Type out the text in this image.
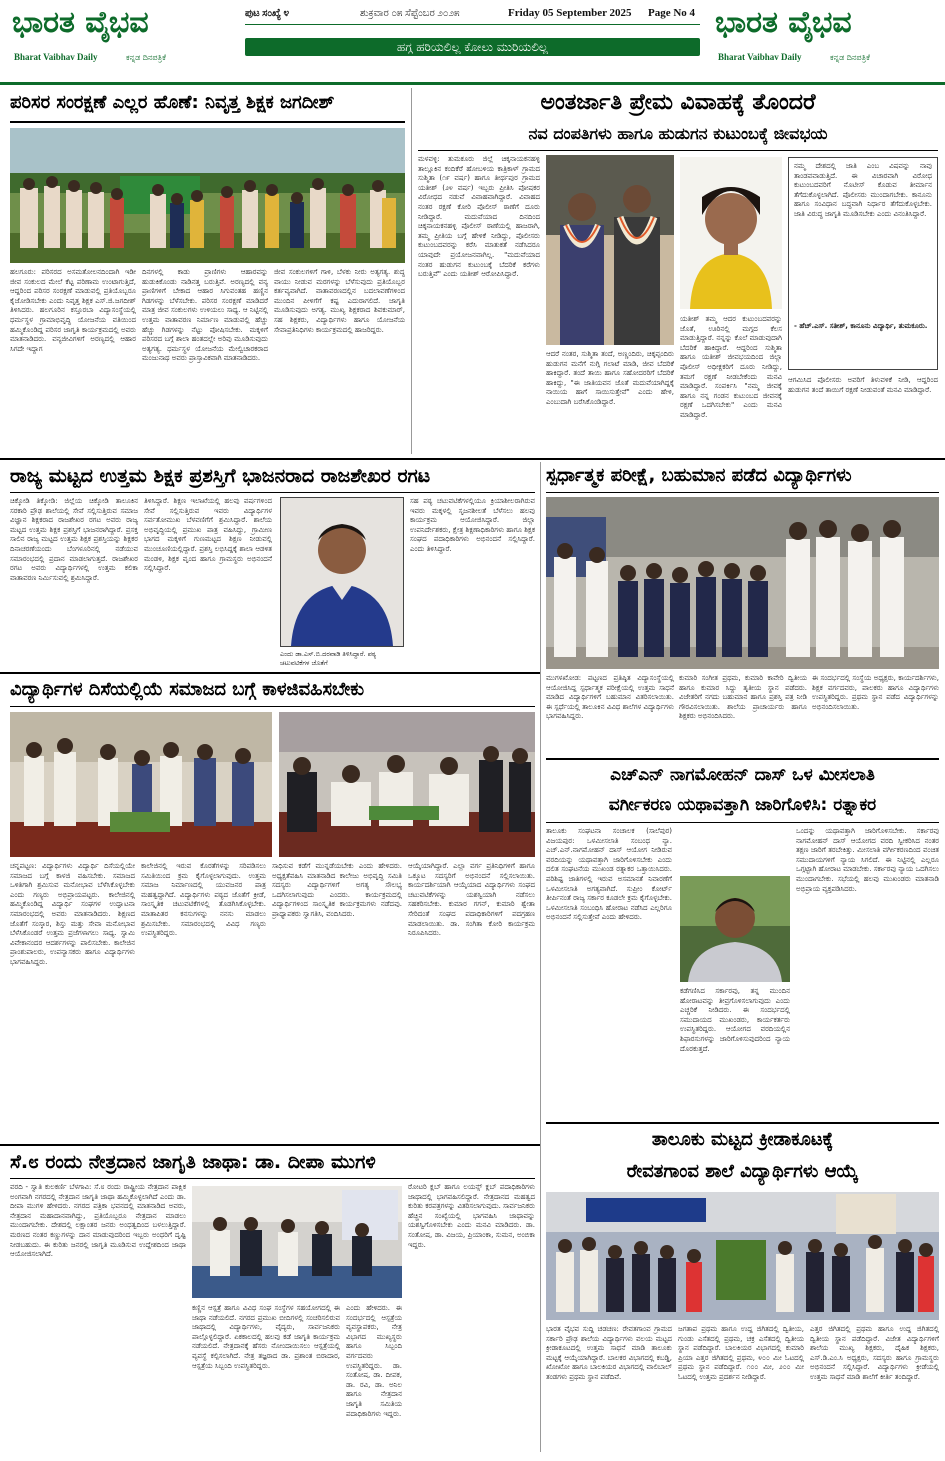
ಭಾರತ ವೈಭವ
Bharat Vaibhav Daily	ಕನ್ನಡ ದಿನಪತ್ರಿಕೆ
ಪುಟ ಸಂಖ್ಯೆ ೪	ಶುಕ್ರವಾರ ೦೫ ಸೆಪ್ಟೆಂಬರ ೨೦೨೫	Friday 05 September 2025 Page No 4
ಹಗ್ಗ ಹರಿಯಲಿಲ್ಲ ಕೋಲು ಮುರಿಯಲಿಲ್ಲ
ಭಾರತ ವೈಭವ
Bharat Vaibhav Daily	ಕನ್ನಡ ದಿನಪತ್ರಿಕೆ
ಪರಿಸರ ಸಂರಕ್ಷಣೆ ಎಲ್ಲರ ಹೊಣೆ: ನಿವೃತ್ತ ಶಿಕ್ಷಕ ಜಗದೀಶ್
ಹಲಗೂರು: ಪರಿಸರದ ಅಸಮತೋಲನದಿಂದಾಗಿ ಇಡೀ ಜೀವ ಸಂಕುಲದ ಮೇಲೆ ಕೆಟ್ಟ ಪರಿಣಾಮ ಉಂಟಾಗುತ್ತಿದೆ, ಆದ್ದರಿಂದ ಪರಿಸರ ಸಂರಕ್ಷಣೆ ಮಾಡುವಲ್ಲಿ ಪ್ರತಿಯೊಬ್ಬರೂ ಕೈಜೋಡಿಸಬೇಕು ಎಂದು ನಿವೃತ್ತ ಶಿಕ್ಷಕ ಎಸ್.ಜಿ.ಜಗದೀಶ್ ತಿಳಿಸಿದರು. ಹಲಗೂರಿನ ಕಸ್ತೂರಬಾ ವಿದ್ಯಾಸಂಸ್ಥೆಯಲ್ಲಿ ಧರ್ಮಸ್ಥಳ ಗ್ರಾಮಾಭಿವೃದ್ಧಿ ಯೋಜನೆಯ ವತಿಯಿಂದ ಹಮ್ಮಿಕೊಂಡಿದ್ದ ಪರಿಸರ ಜಾಗೃತಿ ಕಾರ್ಯಕ್ರಮದಲ್ಲಿ ಅವರು ಮಾತನಾಡಿದರು. ವನ್ಯಜೀವಿಗಳಿಗೆ ಅರಣ್ಯದಲ್ಲಿ ಆಹಾರ ಸಿಗದೇ ಇದ್ದಾಗ
ದಿನಗಳಲ್ಲಿ ಕಾಡು ಪ್ರಾಣಿಗಳು ಆಹಾರವನ್ನು ಹುಡುಕಿಕೊಂಡು ನಾಡಿನತ್ತ ಬರುತ್ತಿವೆ. ಅರಣ್ಯದಲ್ಲಿ ವನ್ಯ ಪ್ರಾಣಿಗಳಿಗೆ ಬೇಕಾದ ಆಹಾರ ಸಿಗುವಂತಹ ಹಣ್ಣಿನ ಗಿಡಗಳನ್ನು ಬೆಳೆಸಬೇಕು. ಪರಿಸರ ಸಂರಕ್ಷಣೆ ಮಾಡಿದರೆ ಮಾತ್ರ ಜೀವ ಸಂಕುಲಗಳು ಉಳಿಯಲು ಸಾಧ್ಯ. ಆ ನಿಟ್ಟಿನಲ್ಲಿ ಉತ್ತಮ ವಾತಾವರಣ ನಿರ್ಮಾಣ ಮಾಡುವಲ್ಲಿ ಹೆಚ್ಚು ಹೆಚ್ಚು ಗಿಡಗಳನ್ನು ನೆಟ್ಟು ಪೋಷಿಸಬೇಕು. ಮಕ್ಕಳಿಗೆ ಪರಿಸರದ ಬಗ್ಗೆ ಶಾಲಾ ಹಂತದಲ್ಲೇ ಅರಿವು ಮೂಡಿಸುವುದು ಅತ್ಯಗತ್ಯ. ಧರ್ಮಸ್ಥಳ ಯೋಜನೆಯ ಮೇಲ್ವಿಚಾರಕರಾದ ಮಂಜುನಾಥ ಅವರು ಪ್ರಾಸ್ತಾವಿಕವಾಗಿ ಮಾತನಾಡಿದರು.
ಜೀವ ಸಂಕುಲಗಳಿಗೆ ಗಾಳಿ, ಬೆಳಕು ನೀರು ಅತ್ಯಗತ್ಯ. ಶುದ್ಧ ವಾಯು ನೀಡುವ ಮರಗಳನ್ನು ಬೆಳೆಸುವುದು ಪ್ರತಿಯೊಬ್ಬರ ಕರ್ತವ್ಯವಾಗಿದೆ. ವಾತಾವರಣದಲ್ಲಿನ ಬದಲಾವಣೆಗಳಿಂದ ಮುಂದಿನ ಪೀಳಿಗೆಗೆ ಕಷ್ಟ ಎದುರಾಗಲಿದೆ. ಜಾಗೃತಿ ಮೂಡಿಸುವುದು ಅಗತ್ಯ. ಮುಖ್ಯ ಶಿಕ್ಷಕರಾದ ಶಿವಕುಮಾರ್, ಸಹ ಶಿಕ್ಷಕರು, ವಿದ್ಯಾರ್ಥಿಗಳು ಹಾಗೂ ಯೋಜನೆಯ ಸೇವಾಪ್ರತಿನಿಧಿಗಳು ಕಾರ್ಯಕ್ರಮದಲ್ಲಿ ಹಾಜರಿದ್ದರು.
ಅಂತರ್ಜಾತಿ ಪ್ರೇಮ ವಿವಾಹಕ್ಕೆ ತೊಂದರೆ
ನವ ದಂಪತಿಗಳು ಹಾಗೂ ಹುಡುಗನ ಕುಟುಂಬಕ್ಕೆ ಜೀವಭಯ
ಮಳವಳ್ಳಿ: ತುಮಕೂರು ಜಿಲ್ಲೆ ಚಿಕ್ಕನಾಯಕನಹಳ್ಳಿ ತಾಲ್ಲೂಕಿನ ಕಂದಿಕೆರೆ ಹೋಬಳಿಯ ಕಾತ್ರಿಕಾಳ್ ಗ್ರಾಮದ ಸುಶ್ಮಿತಾ (೧೯ ವರ್ಷ) ಹಾಗೂ ತೀರ್ಥಪುರ ಗ್ರಾಮದ ಯತೀಶ್ (೨೪ ವರ್ಷ) ಇಬ್ಬರು ಪ್ರೀತಿಸಿ ಪೋಷಕರ ವಿರೋಧದ ನಡುವೆ ವಿವಾಹವಾಗಿದ್ದಾರೆ. ವಿವಾಹದ ನಂತರ ರಕ್ಷಣೆ ಕೋರಿ ಪೊಲೀಸ್ ಠಾಣೆಗೆ ದೂರು ನೀಡಿದ್ದಾರೆ. ಮದುವೆಯಾದ ದಿನದಿಂದ ಚಿಕ್ಕನಾಯಕನಹಳ್ಳಿ ಪೊಲೀಸ್ ಠಾಣೆಯಲ್ಲಿ ಹಾಜರಾಗಿ, ತಮ್ಮ ಪ್ರೀತಿಯ ಬಗ್ಗೆ ಹೇಳಿಕೆ ನೀಡಿದ್ದು, ಪೊಲೀಸರು ಕುಟುಂಬದವರನ್ನು ಕರೆಸಿ ಮಾತುಕತೆ ನಡೆಸಿದರೂ ಯಾವುದೇ ಪ್ರಯೋಜನವಾಗಿಲ್ಲ. "ಮದುವೆಯಾದ ನಂತರ ಹುಡುಗನ ಕುಟುಂಬಕ್ಕೆ ಬೆದರಿಕೆ ಕರೆಗಳು ಬರುತ್ತಿವೆ" ಎಂದು ಯತೀಶ್ ಆರೋಪಿಸಿದ್ದಾರೆ.
ಆದರೆ ನಂತರ, ಸುಶ್ಮಿತಾ ತಂದೆ, ಅಣ್ಣಂದಿರು, ಚಿಕ್ಕಪ್ಪಂದಿರು ಹುಡುಗನ ಮನೆಗೆ ನುಗ್ಗಿ ಗಲಾಟೆ ಮಾಡಿ, ಜೀವ ಬೆದರಿಕೆ ಹಾಕಿದ್ದಾರೆ. ತಂದೆ ತಾಯಿ ಹಾಗೂ ಸಹೋದರರಿಗೆ ಬೆದರಿಕೆ ಹಾಕಿದ್ದು, "ಈ ಜಾತಿಯವನ ಜೊತೆ ಮದುವೆಯಾಗಿದ್ದಕ್ಕೆ ನಾಯಿಯ ಹಾಗೆ ಸಾಯಿಸುತ್ತೇವೆ" ಎಂದು ಹೇಳಿ, ಎಂಬುದಾಗಿ ಬರೆಸಿಕೊಂಡಿದ್ದಾರೆ.
ಯತೀಶ್ ತಮ್ಮ ಆದರ ಕುಟುಂಬದವರನ್ನು ಜೊತೆ, ಊರಿನಲ್ಲಿ ಮಗ್ಗದ ಕೆಲಸ ಮಾಡುತ್ತಿದ್ದಾರೆ. ನನ್ನನ್ನು ಕೊಲೆ ಮಾಡುವುದಾಗಿ ಬೆದರಿಕೆ ಹಾಕಿದ್ದಾರೆ. ಆದ್ದರಿಂದ ಸುಶ್ಮಿತಾ ಹಾಗೂ ಯತೀಶ್ ಜೀವಭಯದಿಂದ ಜಿಲ್ಲಾ ಪೊಲೀಸ್ ಅಧೀಕ್ಷಕರಿಗೆ ದೂರು ನೀಡಿದ್ದು, ತಮಗೆ ರಕ್ಷಣೆ ನೀಡಬೇಕೆಂದು ಮನವಿ ಮಾಡಿದ್ದಾರೆ. ಸಂಪರ್ಕಿಸಿ "ನಮ್ಮ ಜೀವಕ್ಕೆ ಹಾಗೂ ನನ್ನ ಗಂಡನ ಕುಟುಂಬದ ಜೀವನಕ್ಕೆ ರಕ್ಷಣೆ ಒದಗಿಸಬೇಕು" ಎಂದು ಮನವಿ ಮಾಡಿದ್ದಾರೆ.
ನಮ್ಮ ದೇಶದಲ್ಲಿ ಜಾತಿ ಎಂಬ ವಿಷವನ್ನು ನಾವು ತಾಂಡವವಾಡುತ್ತಿದೆ. ಈ ವಿಚಾರವಾಗಿ ವಿರೋಧ ಕುಟುಂಬದವರಿಗೆ ನೊಟೀಸ್ ಕೊಡುವ ತೀರ್ಮಾನ ತೆಗೆದುಕೊಳ್ಳಲಾಗಿದೆ. ಪೊಲೀಸರು ಮುಂದಾಗಬೇಕು. ಕಾನೂನು ಹಾಗೂ ಸಂವಿಧಾನ ಬದ್ಧವಾಗಿ ನಿರ್ಧಾರ ತೆಗೆದುಕೊಳ್ಳಬೇಕು. ಜಾತಿ ವಿರುದ್ಧ ಜಾಗೃತಿ ಮೂಡಿಸಬೇಕು ಎಂದು ವಿನಂತಿಸಿದ್ದಾರೆ.
- ಹೆಚ್.ಎಸ್. ಸತೀಶ್, ಕಾನೂನು ವಿದ್ಯಾರ್ಥಿ, ತುಮಕೂರು.
ಆಗಮಿಸಿದ ಪೊಲೀಸರು ಅವರಿಗೆ ತಿಳುವಳಿಕೆ ನೀಡಿ, ಆದ್ದರಿಂದ ಹುಡುಗನ ತಂದೆ ತಾಯಿಗೆ ರಕ್ಷಣೆ ನೀಡುವಂತೆ ಮನವಿ ಮಾಡಿದ್ದಾರೆ.
ರಾಜ್ಯ ಮಟ್ಟದ ಉತ್ತಮ ಶಿಕ್ಷಕ ಪ್ರಶಸ್ತಿಗೆ ಭಾಜನರಾದ ರಾಜಶೇಖರ ರಗಟ
ಚಿಕ್ಕೋಡಿ ತಿಕ್ಕೋಡಿ: ಜಿಲ್ಲೆಯ ಚಿಕ್ಕೋಡಿ ತಾಲೂಕಿನ ಸರಕಾರಿ ಪ್ರೌಢ ಶಾಲೆಯಲ್ಲಿ ಸೇವೆ ಸಲ್ಲಿಸುತ್ತಿರುವ ಸಮಾಜ ವಿಜ್ಞಾನ ಶಿಕ್ಷಕರಾದ ರಾಜಶೇಖರ ರಗಟ ಅವರು ರಾಜ್ಯ ಮಟ್ಟದ ಉತ್ತಮ ಶಿಕ್ಷಕ ಪ್ರಶಸ್ತಿಗೆ ಭಾಜನರಾಗಿದ್ದಾರೆ. ಪ್ರಸಕ್ತ ಸಾಲಿನ ರಾಜ್ಯ ಮಟ್ಟದ ಉತ್ತಮ ಶಿಕ್ಷಕ ಪ್ರಶಸ್ತಿಯನ್ನು ಶಿಕ್ಷಕರ ದಿನಾಚರಣೆಯಂದು ಬೆಂಗಳೂರಿನಲ್ಲಿ ನಡೆಯುವ ಸಮಾರಂಭದಲ್ಲಿ ಪ್ರದಾನ ಮಾಡಲಾಗುತ್ತದೆ. ರಾಜಶೇಖರ ರಗಟ ಅವರು ವಿದ್ಯಾರ್ಥಿಗಳಲ್ಲಿ ಉತ್ತಮ ಕಲಿಕಾ ವಾತಾವರಣ ನಿರ್ಮಿಸುವಲ್ಲಿ ಶ್ರಮಿಸಿದ್ದಾರೆ.
ತಿಳಿಸಿದ್ದಾರೆ. ಶಿಕ್ಷಣ ಇಲಾಖೆಯಲ್ಲಿ ಹಲವು ವರ್ಷಗಳಿಂದ ಸೇವೆ ಸಲ್ಲಿಸುತ್ತಿರುವ ಇವರು ವಿದ್ಯಾರ್ಥಿಗಳ ಸರ್ವತೋಮುಖ ಬೆಳವಣಿಗೆಗೆ ಶ್ರಮಿಸಿದ್ದಾರೆ. ಶಾಲೆಯ ಅಭಿವೃದ್ಧಿಯಲ್ಲಿ ಪ್ರಮುಖ ಪಾತ್ರ ವಹಿಸಿದ್ದು, ಗ್ರಾಮೀಣ ಭಾಗದ ಮಕ್ಕಳಿಗೆ ಗುಣಮಟ್ಟದ ಶಿಕ್ಷಣ ನೀಡುವಲ್ಲಿ ಮುಂಚೂಣಿಯಲ್ಲಿದ್ದಾರೆ. ಪ್ರಶಸ್ತಿ ಲಭಿಸಿದ್ದಕ್ಕೆ ಶಾಲಾ ಆಡಳಿತ ಮಂಡಳಿ, ಶಿಕ್ಷಕ ವೃಂದ ಹಾಗೂ ಗ್ರಾಮಸ್ಥರು ಅಭಿನಂದನೆ ಸಲ್ಲಿಸಿದ್ದಾರೆ.
ಎಂದು ಡಾ.ಎಸ್.ಬಿ.ದರವಾಡಿ ತಿಳಿಸಿದ್ದಾರೆ. ಪಠ್ಯ ಚಟುವಟಿಕೆಗಳ ಜೊತೆಗೆ
ಸಹ ಪಠ್ಯ ಚಟುವಟಿಕೆಗಳಲ್ಲಿಯೂ ಕ್ರಿಯಾಶೀಲರಾಗಿರುವ ಇವರು ಮಕ್ಕಳಲ್ಲಿ ಸೃಜನಶೀಲತೆ ಬೆಳೆಸಲು ಹಲವು ಕಾರ್ಯಕ್ರಮ ಆಯೋಜಿಸಿದ್ದಾರೆ. ಜಿಲ್ಲಾ ಉಪನಿರ್ದೇಶಕರು, ಕ್ಷೇತ್ರ ಶಿಕ್ಷಣಾಧಿಕಾರಿಗಳು ಹಾಗೂ ಶಿಕ್ಷಕ ಸಂಘದ ಪದಾಧಿಕಾರಿಗಳು ಅಭಿನಂದನೆ ಸಲ್ಲಿಸಿದ್ದಾರೆ. ಎಂದು ತಿಳಿಸಿದ್ದಾರೆ.
ಸ್ಪರ್ಧಾತ್ಮಕ ಪರೀಕ್ಷೆ, ಬಹುಮಾನ ಪಡೆದ ವಿದ್ಯಾರ್ಥಿಗಳು
ಮುಗಳಖೋಡ: ಪಟ್ಟಣದ ಪ್ರತಿಷ್ಠಿತ ವಿದ್ಯಾಸಂಸ್ಥೆಯಲ್ಲಿ ಆಯೋಜಿಸಿದ್ದ ಸ್ಪರ್ಧಾತ್ಮಕ ಪರೀಕ್ಷೆಯಲ್ಲಿ ಉತ್ತಮ ಸಾಧನೆ ಮಾಡಿದ ವಿದ್ಯಾರ್ಥಿಗಳಿಗೆ ಬಹುಮಾನ ವಿತರಿಸಲಾಯಿತು. ಈ ಸ್ಪರ್ಧೆಯಲ್ಲಿ ತಾಲೂಕಿನ ವಿವಿಧ ಶಾಲೆಗಳ ವಿದ್ಯಾರ್ಥಿಗಳು ಭಾಗವಹಿಸಿದ್ದರು.
ಕುಮಾರಿ ಸಂಗೀತ ಪ್ರಥಮ, ಕುಮಾರಿ ಕಾವೇರಿ ದ್ವಿತೀಯ ಹಾಗೂ ಕುಮಾರ ಸಿದ್ದು ತೃತೀಯ ಸ್ಥಾನ ಪಡೆದರು. ವಿಜೇತರಿಗೆ ನಗದು ಬಹುಮಾನ ಹಾಗೂ ಪ್ರಶಸ್ತಿ ಪತ್ರ ನೀಡಿ ಗೌರವಿಸಲಾಯಿತು. ಶಾಲೆಯ ಪ್ರಾಚಾರ್ಯರು ಹಾಗೂ ಶಿಕ್ಷಕರು ಅಭಿನಂದಿಸಿದರು.
ಈ ಸಂದರ್ಭದಲ್ಲಿ ಸಂಸ್ಥೆಯ ಅಧ್ಯಕ್ಷರು, ಕಾರ್ಯದರ್ಶಿಗಳು, ಶಿಕ್ಷಕ ವರ್ಗದವರು, ಪಾಲಕರು ಹಾಗೂ ವಿದ್ಯಾರ್ಥಿಗಳು ಉಪಸ್ಥಿತರಿದ್ದರು. ಪ್ರಥಮ ಸ್ಥಾನ ಪಡೆದ ವಿದ್ಯಾರ್ಥಿಗಳನ್ನು ಅಭಿನಂದಿಸಲಾಯಿತು.
ವಿದ್ಯಾರ್ಥಿಗಳ ದಿಸೆಯಲ್ಲಿಯೆ ಸಮಾಜದ ಬಗ್ಗೆ ಕಾಳಜಿವಹಿಸಬೇಕು
ಚನ್ನಪಟ್ಟಣ: ವಿದ್ಯಾರ್ಥಿಗಳು ವಿದ್ಯಾರ್ಥಿ ದಿಸೆಯಲ್ಲಿಯೇ ಸಮಾಜದ ಬಗ್ಗೆ ಕಾಳಜಿ ವಹಿಸಬೇಕು. ಸಮಾಜದ ಒಳಿತಿಗಾಗಿ ಶ್ರಮಿಸುವ ಮನೋಭಾವ ಬೆಳೆಸಿಕೊಳ್ಳಬೇಕು ಎಂದು ಗಣ್ಯರು ಅಭಿಪ್ರಾಯಪಟ್ಟರು. ಕಾಲೇಜಿನಲ್ಲಿ ಹಮ್ಮಿಕೊಂಡಿದ್ದ ವಿದ್ಯಾರ್ಥಿ ಸಂಘಗಳ ಉದ್ಘಾಟನಾ ಸಮಾರಂಭದಲ್ಲಿ ಅವರು ಮಾತನಾಡಿದರು. ಶಿಕ್ಷಣದ ಜೊತೆಗೆ ಸಂಸ್ಕಾರ, ಶಿಸ್ತು ಮತ್ತು ಸೇವಾ ಮನೋಭಾವ ಬೆಳೆಸಿಕೊಂಡರೆ ಉತ್ತಮ ಪ್ರಜೆಗಳಾಗಲು ಸಾಧ್ಯ. ಸ್ವಾಮಿ ವಿವೇಕಾನಂದರ ಆದರ್ಶಗಳನ್ನು ಪಾಲಿಸಬೇಕು. ಕಾಲೇಜಿನ ಪ್ರಾಂಶುಪಾಲರು, ಉಪನ್ಯಾಸಕರು ಹಾಗೂ ವಿದ್ಯಾರ್ಥಿಗಳು ಭಾಗವಹಿಸಿದ್ದರು.
ಕಾಲೇಜಿನಲ್ಲಿ ಇರುವ ಕೊರತೆಗಳನ್ನು ಸರಿಪಡಿಸಲು ಸಮಿತಿಯಿಂದ ಕ್ರಮ ಕೈಗೊಳ್ಳಲಾಗುವುದು. ಉತ್ತಮ ಸಮಾಜ ನಿರ್ಮಾಣದಲ್ಲಿ ಯುವಜನರ ಪಾತ್ರ ಮಹತ್ವದ್ದಾಗಿದೆ. ವಿದ್ಯಾರ್ಥಿಗಳು ಪಠ್ಯದ ಜೊತೆಗೆ ಕ್ರೀಡೆ, ಸಾಂಸ್ಕೃತಿಕ ಚಟುವಟಿಕೆಗಳಲ್ಲಿ ತೊಡಗಿಸಿಕೊಳ್ಳಬೇಕು. ಮಾತಾಪಿತರ ಕನಸುಗಳನ್ನು ನನಸು ಮಾಡಲು ಶ್ರಮಿಸಬೇಕು. ಸಮಾರಂಭದಲ್ಲಿ ವಿವಿಧ ಗಣ್ಯರು ಉಪಸ್ಥಿತರಿದ್ದರು.
ಸಾಧಿಸುವ ಕಡೆಗೆ ಮುನ್ನಡೆಯಬೇಕು ಎಂದು ಹೇಳಿದರು. ಅಧ್ಯಕ್ಷತೆವಹಿಸಿ ಮಾತನಾಡಿದ ಕಾಲೇಜು ಅಭಿವೃದ್ಧಿ ಸಮಿತಿ ಸದಸ್ಯರು ವಿದ್ಯಾರ್ಥಿಗಳಿಗೆ ಅಗತ್ಯ ಸೌಲಭ್ಯ ಒದಗಿಸಲಾಗುವುದು ಎಂದರು. ಕಾರ್ಯಕ್ರಮದಲ್ಲಿ ವಿದ್ಯಾರ್ಥಿಗಳಿಂದ ಸಾಂಸ್ಕೃತಿಕ ಕಾರ್ಯಕ್ರಮಗಳು ನಡೆದವು. ಪ್ರಾಧ್ಯಾಪಕರು ಸ್ವಾಗತಿಸಿ, ವಂದಿಸಿದರು.
ಆಯ್ಕೆಯಾಗಿದ್ದಾರೆ. ಎಲ್ಲಾ ವರ್ಗ ಪ್ರತಿನಿಧಿಗಳಿಗೆ ಹಾಗೂ ಒಕ್ಕೂಟ ಸದಸ್ಯರಿಗೆ ಅಭಿನಂದನೆ ಸಲ್ಲಿಸಲಾಯಿತು. ಕಾರ್ಯದರ್ಶಿಯಾಗಿ ಆಯ್ಕೆಯಾದ ವಿದ್ಯಾರ್ಥಿಗಳು ಸಂಘದ ಚಟುವಟಿಕೆಗಳನ್ನು ಯಶಸ್ವಿಯಾಗಿ ನಡೆಸಲು ಸಹಕರಿಸಬೇಕು. ಕುಮಾರ ಗಗನ್, ಕುಮಾರಿ ಶ್ವೇತಾ ಸೇರಿದಂತೆ ಸಂಘದ ಪದಾಧಿಕಾರಿಗಳಿಗೆ ಪದಗ್ರಹಣ ಮಾಡಲಾಯಿತು. ಡಾ. ಸಂಗಿತಾ ಕೋರಿ ಕಾರ್ಯಕ್ರಮ ನಿರೂಪಿಸಿದರು.
ಎಚ್ಎನ್ ನಾಗಮೋಹನ್ ದಾಸ್ ಒಳ ಮೀಸಲಾತಿ
ವರ್ಗೀಕರಣ ಯಥಾವತ್ತಾಗಿ ಜಾರಿಗೊಳಿಸಿ: ರತ್ನಾಕರ
ತಾಲೂಕು ಸಂಘಟನಾ ಸಂಚಾಲಕ (ಸಾಲೆಪುರ) ವಿಜಯಪುರ: ಒಳಮೀಸಲಾತಿ ಸಂಬಂಧ ನ್ಯಾ. ಎಚ್.ಎನ್.ನಾಗಮೋಹನ್ ದಾಸ್ ಆಯೋಗ ನೀಡಿರುವ ವರದಿಯನ್ನು ಯಥಾವತ್ತಾಗಿ ಜಾರಿಗೊಳಿಸಬೇಕು ಎಂದು ದಲಿತ ಸಂಘಟನೆಯ ಮುಖಂಡ ರತ್ನಾಕರ ಒತ್ತಾಯಿಸಿದರು. ಪರಿಶಿಷ್ಟ ಜಾತಿಗಳಲ್ಲಿ ಇರುವ ಅಸಮಾನತೆ ನಿವಾರಣೆಗೆ ಒಳಮೀಸಲಾತಿ ಅಗತ್ಯವಾಗಿದೆ. ಸುಪ್ರೀಂ ಕೋರ್ಟ್ ತೀರ್ಪಿನಂತೆ ರಾಜ್ಯ ಸರ್ಕಾರ ಕೂಡಲೇ ಕ್ರಮ ಕೈಗೊಳ್ಳಬೇಕು. ಒಳಮೀಸಲಾತಿ ಸಂಬಂಧಿಸಿ ಹೋರಾಟ ನಡೆಸಿದ ಎಲ್ಲರಿಗೂ ಅಭಿನಂದನೆ ಸಲ್ಲಿಸುತ್ತೇವೆ ಎಂದು ಹೇಳಿದರು.
ಕಡೆಗಣಿಸಿದ ಸರ್ಕಾರವು, ತನ್ನ ಮುಂದಿನ ಹೋರಾಟವನ್ನು ತೀವ್ರಗೊಳಿಸಲಾಗುವುದು ಎಂದು ಎಚ್ಚರಿಕೆ ನೀಡಿದರು. ಈ ಸಂದರ್ಭದಲ್ಲಿ ಸಮುದಾಯದ ಮುಖಂಡರು, ಕಾರ್ಯಕರ್ತರು ಉಪಸ್ಥಿತರಿದ್ದರು. ಆಯೋಗದ ವರದಿಯಲ್ಲಿನ ಶಿಫಾರಸುಗಳನ್ನು ಜಾರಿಗೊಳಿಸುವುದರಿಂದ ನ್ಯಾಯ ದೊರಕುತ್ತದೆ.
ಒಂದನ್ನು ಯಥಾವತ್ತಾಗಿ ಜಾರಿಗೊಳಿಸಬೇಕು. ಸರ್ಕಾರವು ನಾಗಮೋಹನ್ ದಾಸ್ ಆಯೋಗದ ವರದಿ ಸ್ವೀಕರಿಸಿದ ನಂತರ ತಕ್ಷಣ ಜಾರಿಗೆ ತರಬೇಕಿತ್ತು. ಮೀಸಲಾತಿ ವರ್ಗೀಕರಣದಿಂದ ವಂಚಿತ ಸಮುದಾಯಗಳಿಗೆ ನ್ಯಾಯ ಸಿಗಲಿದೆ. ಈ ನಿಟ್ಟಿನಲ್ಲಿ ಎಲ್ಲರೂ ಒಗ್ಗಟ್ಟಾಗಿ ಹೋರಾಟ ಮಾಡಬೇಕು. ಸರ್ಕಾರವು ನ್ಯಾಯ ಒದಗಿಸಲು ಮುಂದಾಗಬೇಕು. ಸಭೆಯಲ್ಲಿ ಹಲವು ಮುಖಂಡರು ಮಾತನಾಡಿ ಅಭಿಪ್ರಾಯ ವ್ಯಕ್ತಪಡಿಸಿದರು.
ತಾಲೂಕು ಮಟ್ಟದ ಕ್ರೀಡಾಕೂಟಕ್ಕೆ
ರೇವತಗಾಂವ ಶಾಲೆ ವಿದ್ಯಾರ್ಥಿಗಳು ಆಯ್ಕೆ
ಭಾರತ ವೈಭವ ಸುದ್ದಿ ಚಡಚಣ: ರೇವತಗಾಂವ ಗ್ರಾಮದ ಸರ್ಕಾರಿ ಪ್ರೌಢ ಶಾಲೆಯ ವಿದ್ಯಾರ್ಥಿಗಳು ವಲಯ ಮಟ್ಟದ ಕ್ರೀಡಾಕೂಟದಲ್ಲಿ ಉತ್ತಮ ಸಾಧನೆ ಮಾಡಿ ತಾಲೂಕು ಮಟ್ಟಕ್ಕೆ ಆಯ್ಕೆಯಾಗಿದ್ದಾರೆ. ಬಾಲಕರ ವಿಭಾಗದಲ್ಲಿ ಕಬಡ್ಡಿ, ಖೋಖೋ ಹಾಗೂ ಬಾಲಕಿಯರ ವಿಭಾಗದಲ್ಲಿ ವಾಲಿಬಾಲ್ ತಂಡಗಳು ಪ್ರಥಮ ಸ್ಥಾನ ಪಡೆದಿವೆ.
ಜಗತಾಪ ಪ್ರಥಮ ಹಾಗೂ ಉದ್ದ ಜಿಗಿತದಲ್ಲಿ ದ್ವಿತೀಯ, ಗುಂಡು ಎಸೆತದಲ್ಲಿ ಪ್ರಥಮ, ಚಕ್ರ ಎಸೆತದಲ್ಲಿ ದ್ವಿತೀಯ ಸ್ಥಾನ ಪಡೆದಿದ್ದಾರೆ. ಬಾಲಕಿಯರ ವಿಭಾಗದಲ್ಲಿ ಕುಮಾರಿ ಪ್ರಿಯಾ ಎತ್ತರ ಜಿಗಿತದಲ್ಲಿ ಪ್ರಥಮ, ೪೦೦ ಮೀ ಓಟದಲ್ಲಿ ಪ್ರಥಮ ಸ್ಥಾನ ಪಡೆದಿದ್ದಾರೆ. ೧೦೦ ಮೀ, ೨೦೦ ಮೀ ಓಟದಲ್ಲಿ ಉತ್ತಮ ಪ್ರದರ್ಶನ ನೀಡಿದ್ದಾರೆ.
ಎತ್ತರ ಜಿಗಿತದಲ್ಲಿ ಪ್ರಥಮ ಹಾಗೂ ಉದ್ದ ಜಿಗಿತದಲ್ಲಿ ದ್ವಿತೀಯ ಸ್ಥಾನ ಪಡೆದಿದ್ದಾರೆ. ವಿಜೇತ ವಿದ್ಯಾರ್ಥಿಗಳಿಗೆ ಶಾಲೆಯ ಮುಖ್ಯ ಶಿಕ್ಷಕರು, ದೈಹಿಕ ಶಿಕ್ಷಕರು, ಎಸ್.ಡಿ.ಎಂ.ಸಿ ಅಧ್ಯಕ್ಷರು, ಸದಸ್ಯರು ಹಾಗೂ ಗ್ರಾಮಸ್ಥರು ಅಭಿನಂದನೆ ಸಲ್ಲಿಸಿದ್ದಾರೆ. ವಿದ್ಯಾರ್ಥಿಗಳು ಕ್ರೀಡೆಯಲ್ಲಿ ಉತ್ತಮ ಸಾಧನೆ ಮಾಡಿ ಶಾಲೆಗೆ ಕೀರ್ತಿ ತಂದಿದ್ದಾರೆ.
ಸೆ.೮ ರಂದು ನೇತ್ರದಾನ ಜಾಗೃತಿ ಜಾಥಾ: ಡಾ. ದೀಪಾ ಮುಗಳಿ
ವರದಿ - ಸ್ವಾತಿ ಕುಲಕರ್ಣಿ ಬೆಳಗಾವಿ: ಸೆ.೮ ರಂದು ರಾಷ್ಟ್ರೀಯ ನೇತ್ರದಾನ ಪಾಕ್ಷಿಕ ಅಂಗವಾಗಿ ನಗರದಲ್ಲಿ ನೇತ್ರದಾನ ಜಾಗೃತಿ ಜಾಥಾ ಹಮ್ಮಿಕೊಳ್ಳಲಾಗಿದೆ ಎಂದು ಡಾ. ದೀಪಾ ಮುಗಳಿ ಹೇಳಿದರು. ನಗರದ ಪತ್ರಿಕಾ ಭವನದಲ್ಲಿ ಮಾತನಾಡಿದ ಅವರು, ನೇತ್ರದಾನ ಮಹಾದಾನವಾಗಿದ್ದು, ಪ್ರತಿಯೊಬ್ಬರೂ ನೇತ್ರದಾನ ಮಾಡಲು ಮುಂದಾಗಬೇಕು. ದೇಶದಲ್ಲಿ ಲಕ್ಷಾಂತರ ಜನರು ಅಂಧತ್ವದಿಂದ ಬಳಲುತ್ತಿದ್ದಾರೆ. ಮರಣದ ನಂತರ ಕಣ್ಣುಗಳನ್ನು ದಾನ ಮಾಡುವುದರಿಂದ ಇಬ್ಬರು ಅಂಧರಿಗೆ ದೃಷ್ಟಿ ನೀಡಬಹುದು. ಈ ಕುರಿತು ಜನರಲ್ಲಿ ಜಾಗೃತಿ ಮೂಡಿಸುವ ಉದ್ದೇಶದಿಂದ ಜಾಥಾ ಆಯೋಜಿಸಲಾಗಿದೆ.
ಕಣ್ಣಿನ ಆಸ್ಪತ್ರೆ ಹಾಗೂ ವಿವಿಧ ಸಂಘ ಸಂಸ್ಥೆಗಳ ಸಹಯೋಗದಲ್ಲಿ ಈ ಜಾಥಾ ನಡೆಯಲಿದೆ. ನಗರದ ಪ್ರಮುಖ ಬೀದಿಗಳಲ್ಲಿ ಸಂಚರಿಸಲಿರುವ ಜಾಥಾದಲ್ಲಿ ವಿದ್ಯಾರ್ಥಿಗಳು, ವೈದ್ಯರು, ಸಾರ್ವಜನಿಕರು ಪಾಲ್ಗೊಳ್ಳಲಿದ್ದಾರೆ. ಏಕಕಾಲದಲ್ಲಿ ಹಲವು ಕಡೆ ಜಾಗೃತಿ ಕಾರ್ಯಕ್ರಮ ನಡೆಯಲಿದೆ. ನೇತ್ರದಾನಕ್ಕೆ ಹೆಸರು ನೋಂದಾಯಿಸಲು ಆಸ್ಪತ್ರೆಯಲ್ಲಿ ವ್ಯವಸ್ಥೆ ಕಲ್ಪಿಸಲಾಗಿದೆ. ನೇತ್ರ ತಜ್ಞರಾದ ಡಾ. ಪ್ರಶಾಂತ ಬಿರಾದಾರ, ಆಸ್ಪತ್ರೆಯ ಸಿಬ್ಬಂದಿ ಉಪಸ್ಥಿತರಿದ್ದರು.
ಎಂದು ಹೇಳಿದರು. ಈ ಸಂದರ್ಭದಲ್ಲಿ ಆಸ್ಪತ್ರೆಯ ವ್ಯವಸ್ಥಾಪಕರು, ನೇತ್ರ ವಿಭಾಗದ ಮುಖ್ಯಸ್ಥರು ಹಾಗೂ ಸಿಬ್ಬಂದಿ ವರ್ಗದವರು ಉಪಸ್ಥಿತರಿದ್ದರು. ಡಾ. ಸಂತೋಷ, ಡಾ. ದೀಪಕ, ಡಾ. ರವಿ, ಡಾ. ಅನಿಲ ಹಾಗೂ ನೇತ್ರದಾನ ಜಾಗೃತಿ ಸಮಿತಿಯ ಪದಾಧಿಕಾರಿಗಳು ಇದ್ದರು.
ರೋಟರಿ ಕ್ಲಬ್ ಹಾಗೂ ಲಯನ್ಸ್ ಕ್ಲಬ್ ಪದಾಧಿಕಾರಿಗಳು ಜಾಥಾದಲ್ಲಿ ಭಾಗವಹಿಸಲಿದ್ದಾರೆ. ನೇತ್ರದಾನದ ಮಹತ್ವದ ಕುರಿತು ಕರಪತ್ರಗಳನ್ನು ವಿತರಿಸಲಾಗುವುದು. ಸಾರ್ವಜನಿಕರು ಹೆಚ್ಚಿನ ಸಂಖ್ಯೆಯಲ್ಲಿ ಭಾಗವಹಿಸಿ ಜಾಥಾವನ್ನು ಯಶಸ್ವಿಗೊಳಿಸಬೇಕು ಎಂದು ಮನವಿ ಮಾಡಿದರು. ಡಾ. ಸಂತೋಷ, ಡಾ. ವಿಜಯ, ಪ್ರಿಯಾಂಕಾ, ಸುಮನ, ಅಂಬಿಕಾ ಇದ್ದರು.
